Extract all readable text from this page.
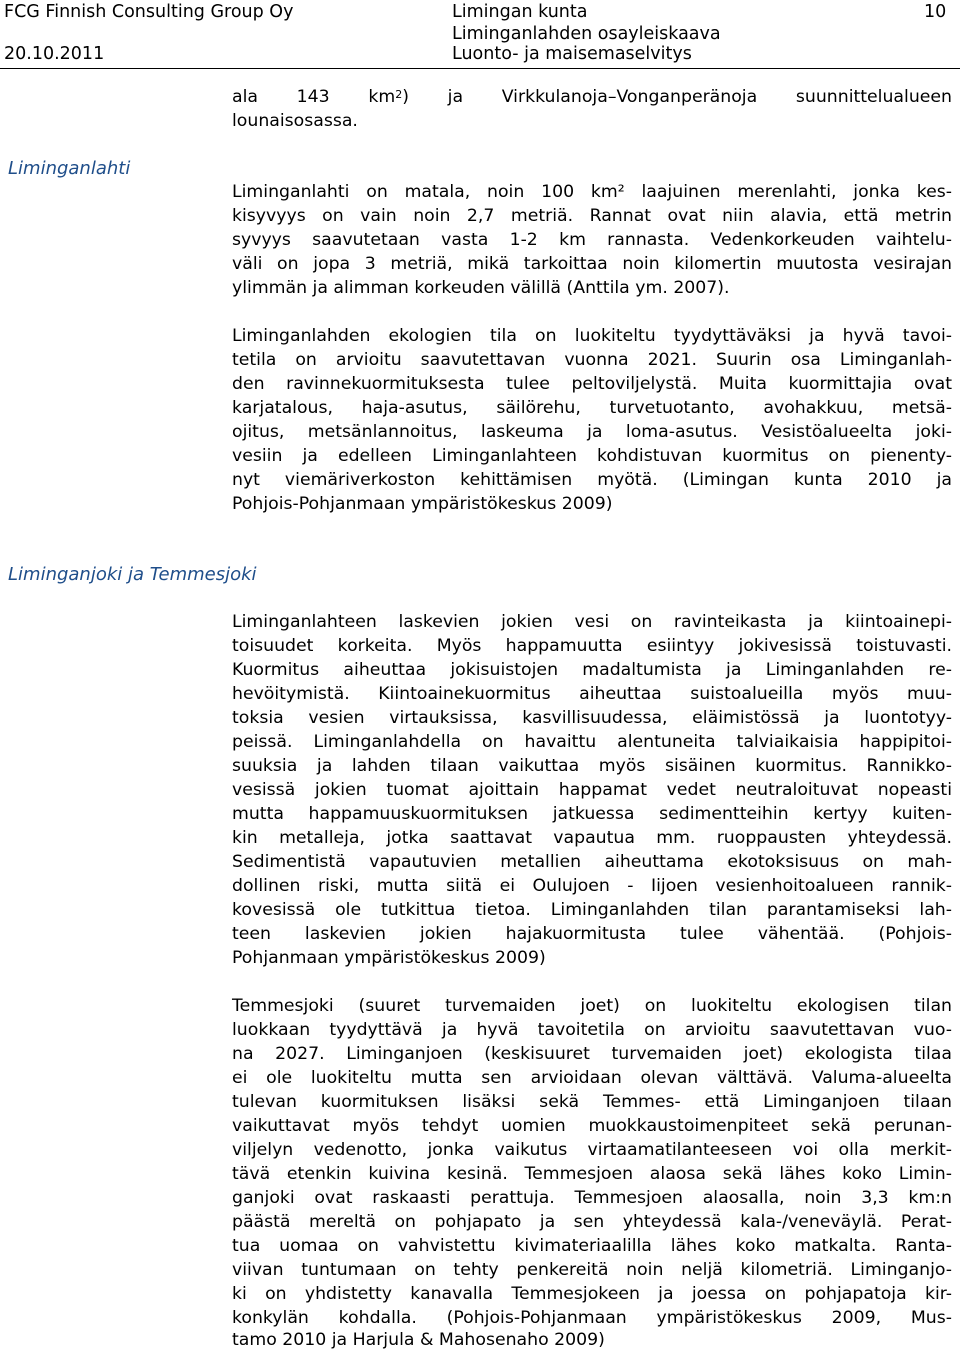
FCG Finnish Consulting Group Oy
20.10.2011
Limingan kunta
Liminganlahden osayleiskaava
Luonto- ja maisemaselvitys
10
ala 143 $km^2$) ja Virkkulanoja–Vonganperänoja suunnittelualueen
lounaisosassa.
Liminganlahti
Liminganlahti on matala, noin 100 km² laajuinen merenlahti, jonka kes-
kisyvyys on vain noin 2,7 metriä. Rannat ovat niin alavia, että metrin
syvyys saavutetaan vasta 1-2 km rannasta. Vedenkorkeuden vaihtelu-
väli on jopa 3 metriä, mikä tarkoittaa noin kilomertin muutosta vesirajan
ylimmän ja alimman korkeuden välillä (Anttila ym. 2007).
Liminganlahden ekologien tila on luokiteltu tyydyttäväksi ja hyvä tavoi-
tetila on arvioitu saavutettavan vuonna 2021. Suurin osa Liminganlah-
den ravinnekuormituksesta tulee peltoviljelystä. Muita kuormittajia ovat
karjatalous, haja-asutus, säilörehu, turvetuotanto, avohakkuu, metsä-
ojitus, metsänlannoitus, laskeuma ja loma-asutus. Vesistöalueelta joki-
vesiin ja edelleen Liminganlahteen kohdistuvan kuormitus on pienenty-
nyt viemäriverkoston kehittämisen myötä. (Limingan kunta 2010 ja
Pohjois-Pohjanmaan ympäristökeskus 2009)
Liminganjoki ja Temmesjoki
Liminganlahteen laskevien jokien vesi on ravinteikasta ja kiintoainepi-
toisuudet korkeita. Myös happamuutta esiintyy jokivesissä toistuvasti.
Kuormitus aiheuttaa jokisuistojen madaltumista ja Liminganlahden re-
hevöitymistä. Kiintoainekuormitus aiheuttaa suistoalueilla myös muu-
toksia vesien virtauksissa, kasvillisuudessa, eläimistössä ja luontotyy-
peissä. Liminganlahdella on havaittu alentuneita talviaikaisia happipitoi-
suuksia ja lahden tilaan vaikuttaa myös sisäinen kuormitus. Rannikko-
vesissä jokien tuomat ajoittain happamat vedet neutraloituvat nopeasti
mutta happamuuskuormituksen jatkuessa sedimentteihin kertyy kuiten-
kin metalleja, jotka saattavat vapautua mm. ruoppausten yhteydessä.
Sedimentistä vapautuvien metallien aiheuttama ekotoksisuus on mah-
dollinen riski, mutta siitä ei Oulujoen - Iijoen vesienhoitoalueen rannik-
kovesissä ole tutkittua tietoa. Liminganlahden tilan parantamiseksi lah-
teen laskevien jokien hajakuormitusta tulee vähentää. (Pohjois-
Pohjanmaan ympäristökeskus 2009)
Temmesjoki (suuret turvemaiden joet) on luokiteltu ekologisen tilan
luokkaan tyydyttävä ja hyvä tavoitetila on arvioitu saavutettavan vuo-
na 2027. Liminganjoen (keskisuuret turvemaiden joet) ekologista tilaa
ei ole luokiteltu mutta sen arvioidaan olevan välttävä. Valuma-alueelta
tulevan kuormituksen lisäksi sekä Temmes- että Liminganjoen tilaan
vaikuttavat myös tehdyt uomien muokkaustoimenpiteet sekä perunan-
viljelyn vedenotto, jonka vaikutus virtaamatilanteeseen voi olla merkit-
tävä etenkin kuivina kesinä. Temmesjoen alaosa sekä lähes koko Limin-
ganjoki ovat raskaasti perattuja. Temmesjoen alaosalla, noin 3,3 km:n
päästä mereltä on pohjapato ja sen yhteydessä kala-/veneväylä. Perat-
tua uomaa on vahvistettu kivimateriaalilla lähes koko matkalta. Ranta-
viivan tuntumaan on tehty penkereitä noin neljä kilometriä. Liminganjo-
ki on yhdistetty kanavalla Temmesjokeen ja joessa on pohjapatoja kir-
konkylän kohdalla. (Pohjois-Pohjanmaan ympäristökeskus 2009, Mus-
tamo 2010 ja Harjula & Mahosenaho 2009)
